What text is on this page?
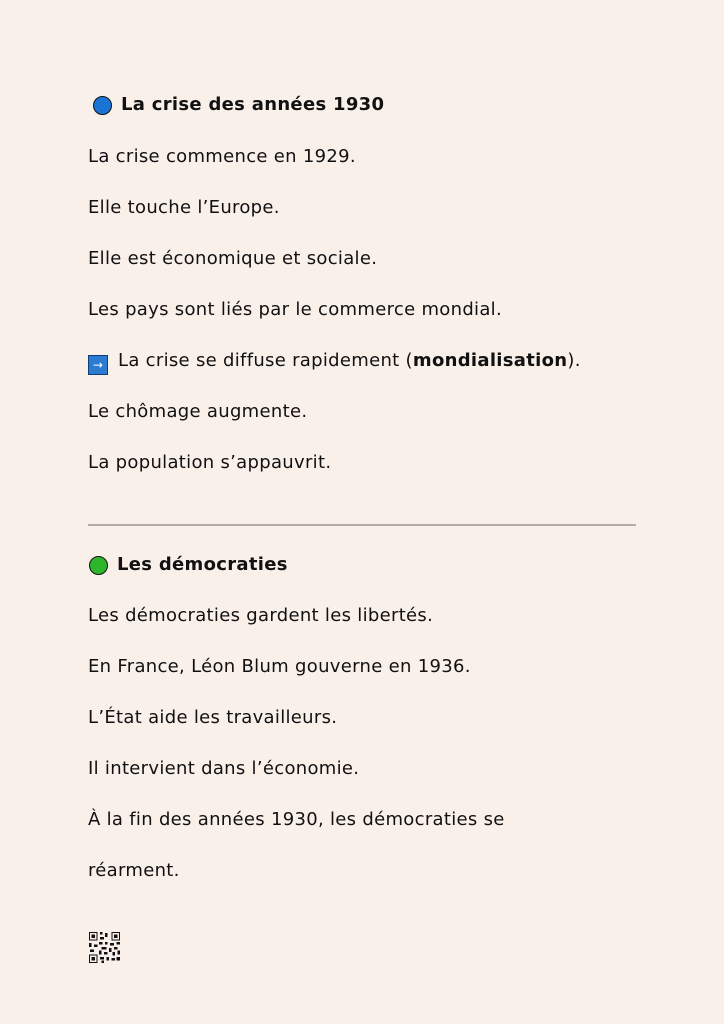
La crise des années 1930
La crise commence en 1929.
Elle touche l’Europe.
Elle est économique et sociale.
Les pays sont liés par le commerce mondial.
→ La crise se diffuse rapidement (mondialisation).
Le chômage augmente.
La population s’appauvrit.
Les démocraties
Les démocraties gardent les libertés.
En France, Léon Blum gouverne en 1936.
L’État aide les travailleurs.
Il intervient dans l’économie.
À la fin des années 1930, les démocraties se
réarment.
